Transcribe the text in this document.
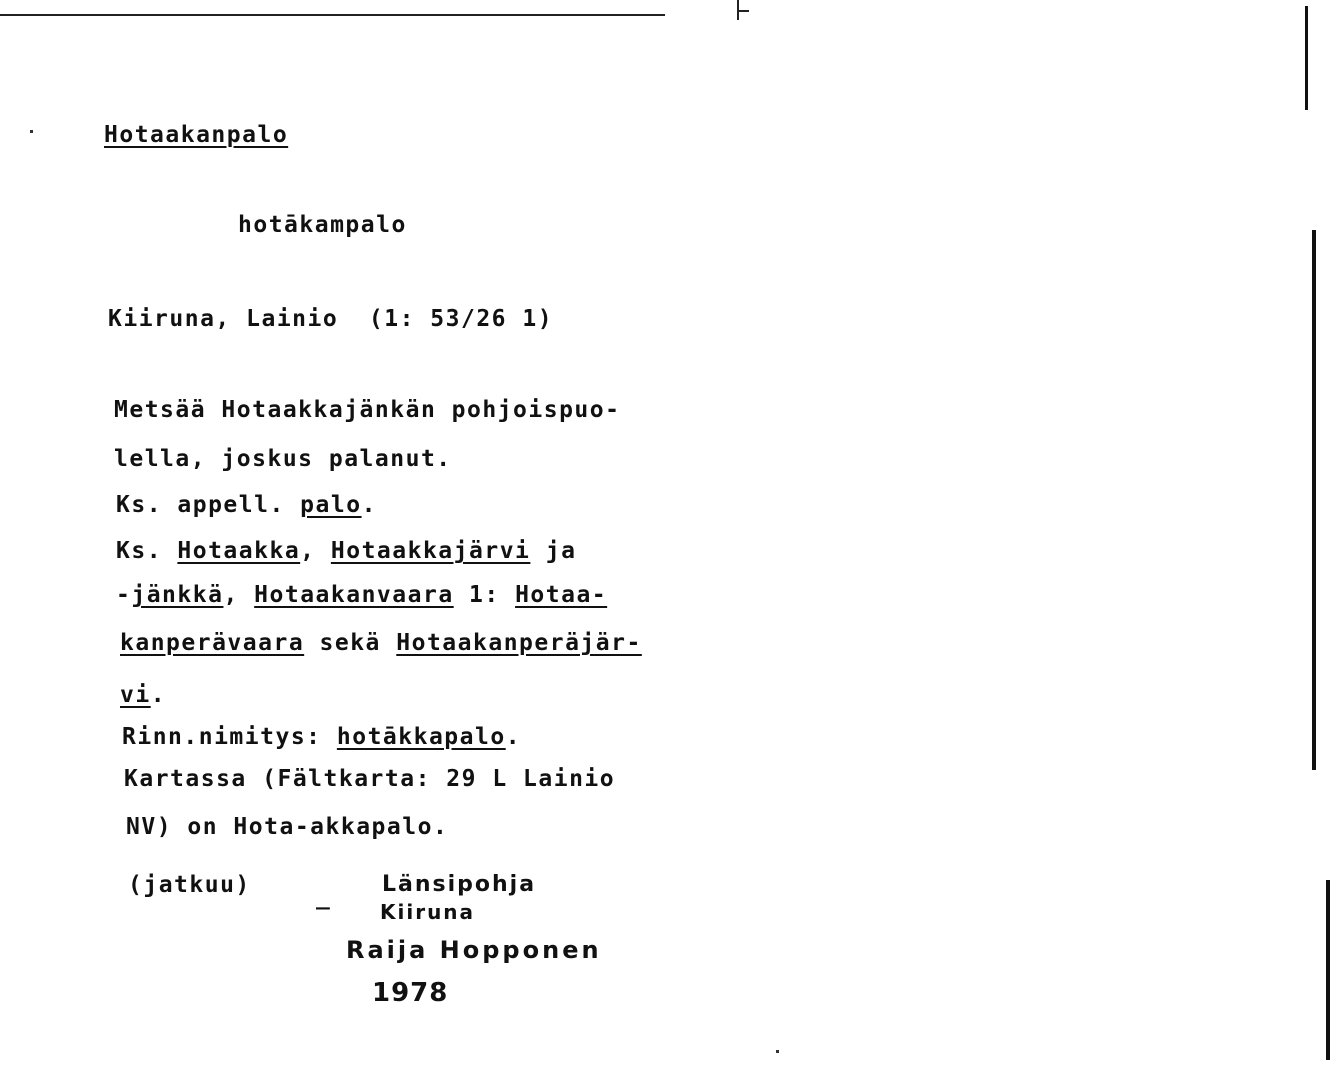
Hotaakanpalo
hotākampalo
Kiiruna, Lainio  (1: 53/26 1)
Metsää Hotaakkajänkän pohjoispuo-
lella, joskus palanut.
Ks. appell. palo.
Ks. Hotaakka, Hotaakkajärvi ja
-jänkkä, Hotaakanvaara 1: Hotaa-
kanperävaara sekä Hotaakanperäjär-
vi.
Rinn.nimitys: hotākkapalo.
Kartassa (Fältkarta: 29 L Lainio
NV) on Hota-akkapalo.
(jatkuu)	_ Länsipohja
Kiiruna
Raija Hopponen
1978
